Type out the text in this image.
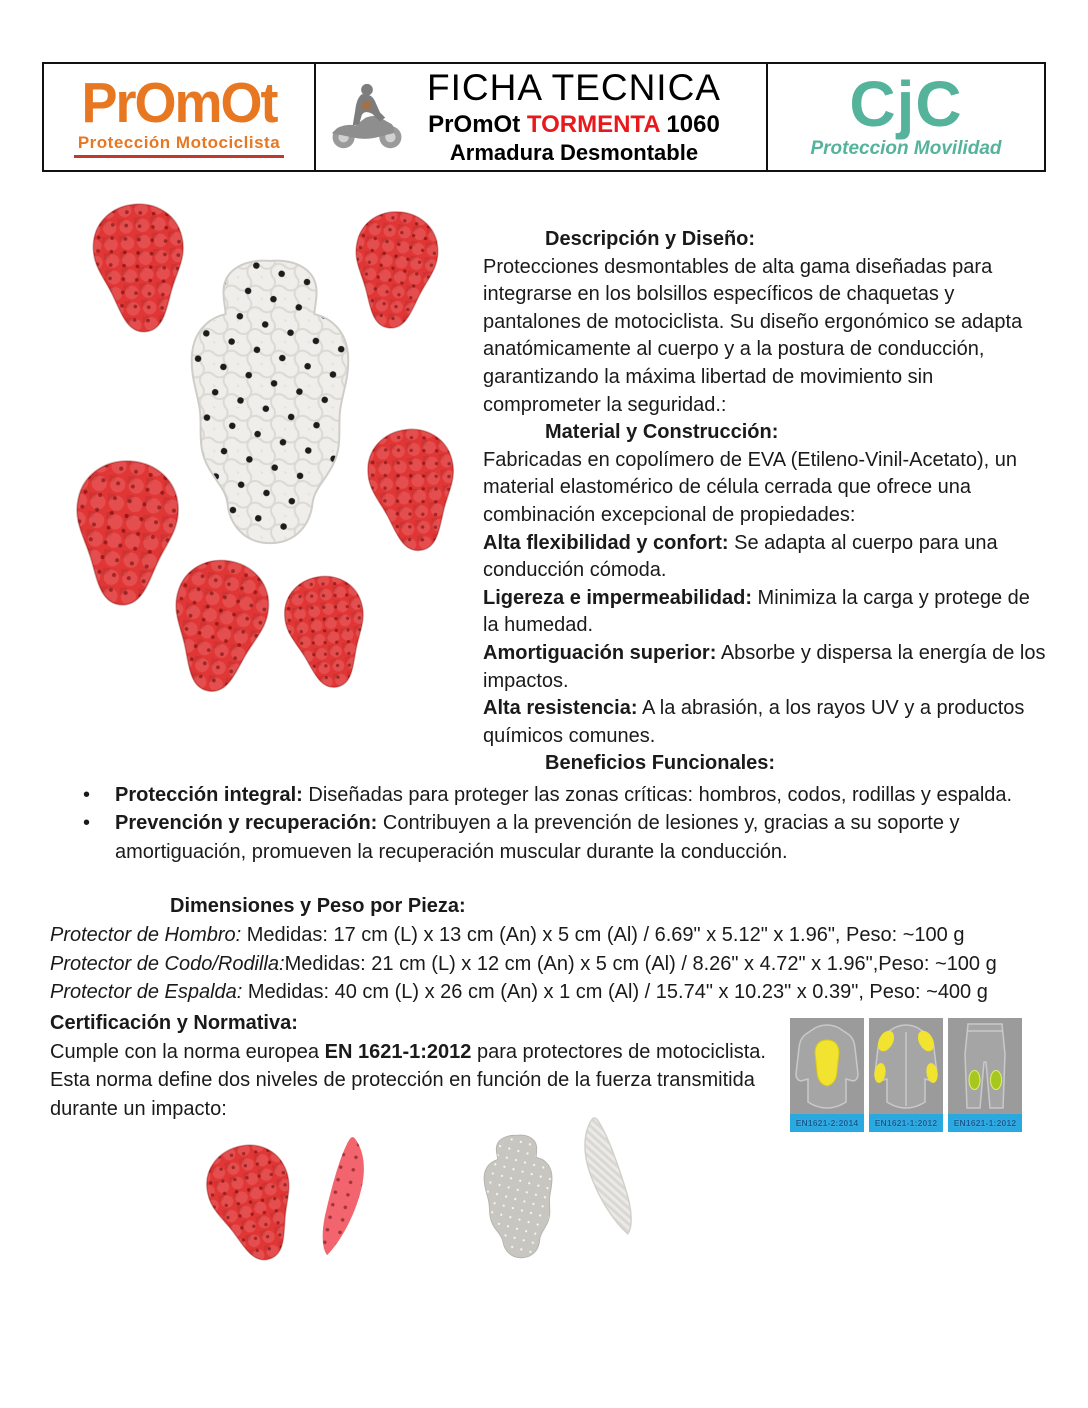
PrOmOt
Protección Motociclista
FICHA TECNICA
PrOmOt TORMENTA 1060
Armadura Desmontable
CjC
Proteccion Movilidad

Descripción y Diseño:

Protecciones desmontables de alta gama diseñadas para integrarse en los bolsillos específicos de chaquetas y pantalones de motociclista. Su diseño ergonómico se adapta anatómicamente al cuerpo y a la postura de conducción, garantizando la máxima libertad de movimiento sin comprometer la seguridad.:

Material y Construcción:

Fabricadas en copolímero de EVA (Etileno-Vinil-Acetato), un material elastomérico de célula cerrada que ofrece una combinación excepcional de propiedades:

Alta flexibilidad y confort: Se adapta al cuerpo para una conducción cómoda.

Ligereza e impermeabilidad: Minimiza la carga y protege de la humedad.

Amortiguación superior: Absorbe y dispersa la energía de los impactos.

Alta resistencia: A la abrasión, a los rayos UV y a productos químicos comunes.

Beneficios Funcionales:

• Protección integral: Diseñadas para proteger las zonas críticas: hombros, codos, rodillas y espalda.
• Prevención y recuperación: Contribuyen a la prevención de lesiones y, gracias a su soporte y amortiguación, promueven la recuperación muscular durante la conducción.

Dimensiones y Peso por Pieza:

Protector de Hombro: Medidas: 17 cm (L) x 13 cm (An) x 5 cm (Al) / 6.69" x 5.12" x 1.96", Peso: ~100 g

Protector de Codo/Rodilla:Medidas: 21 cm (L) x 12 cm (An) x 5 cm (Al) / 8.26" x 4.72" x 1.96",Peso: ~100 g

Protector de Espalda: Medidas: 40 cm (L) x 26 cm (An) x 1 cm (Al) / 15.74" x 10.23" x 0.39", Peso: ~400 g

Certificación y Normativa:

Cumple con la norma europea EN 1621-1:2012 para protectores de motociclista. Esta norma define dos niveles de protección en función de la fuerza transmitida durante un impacto:

EN1621-2:2014	EN1621-1:2012	EN1621-1:2012
